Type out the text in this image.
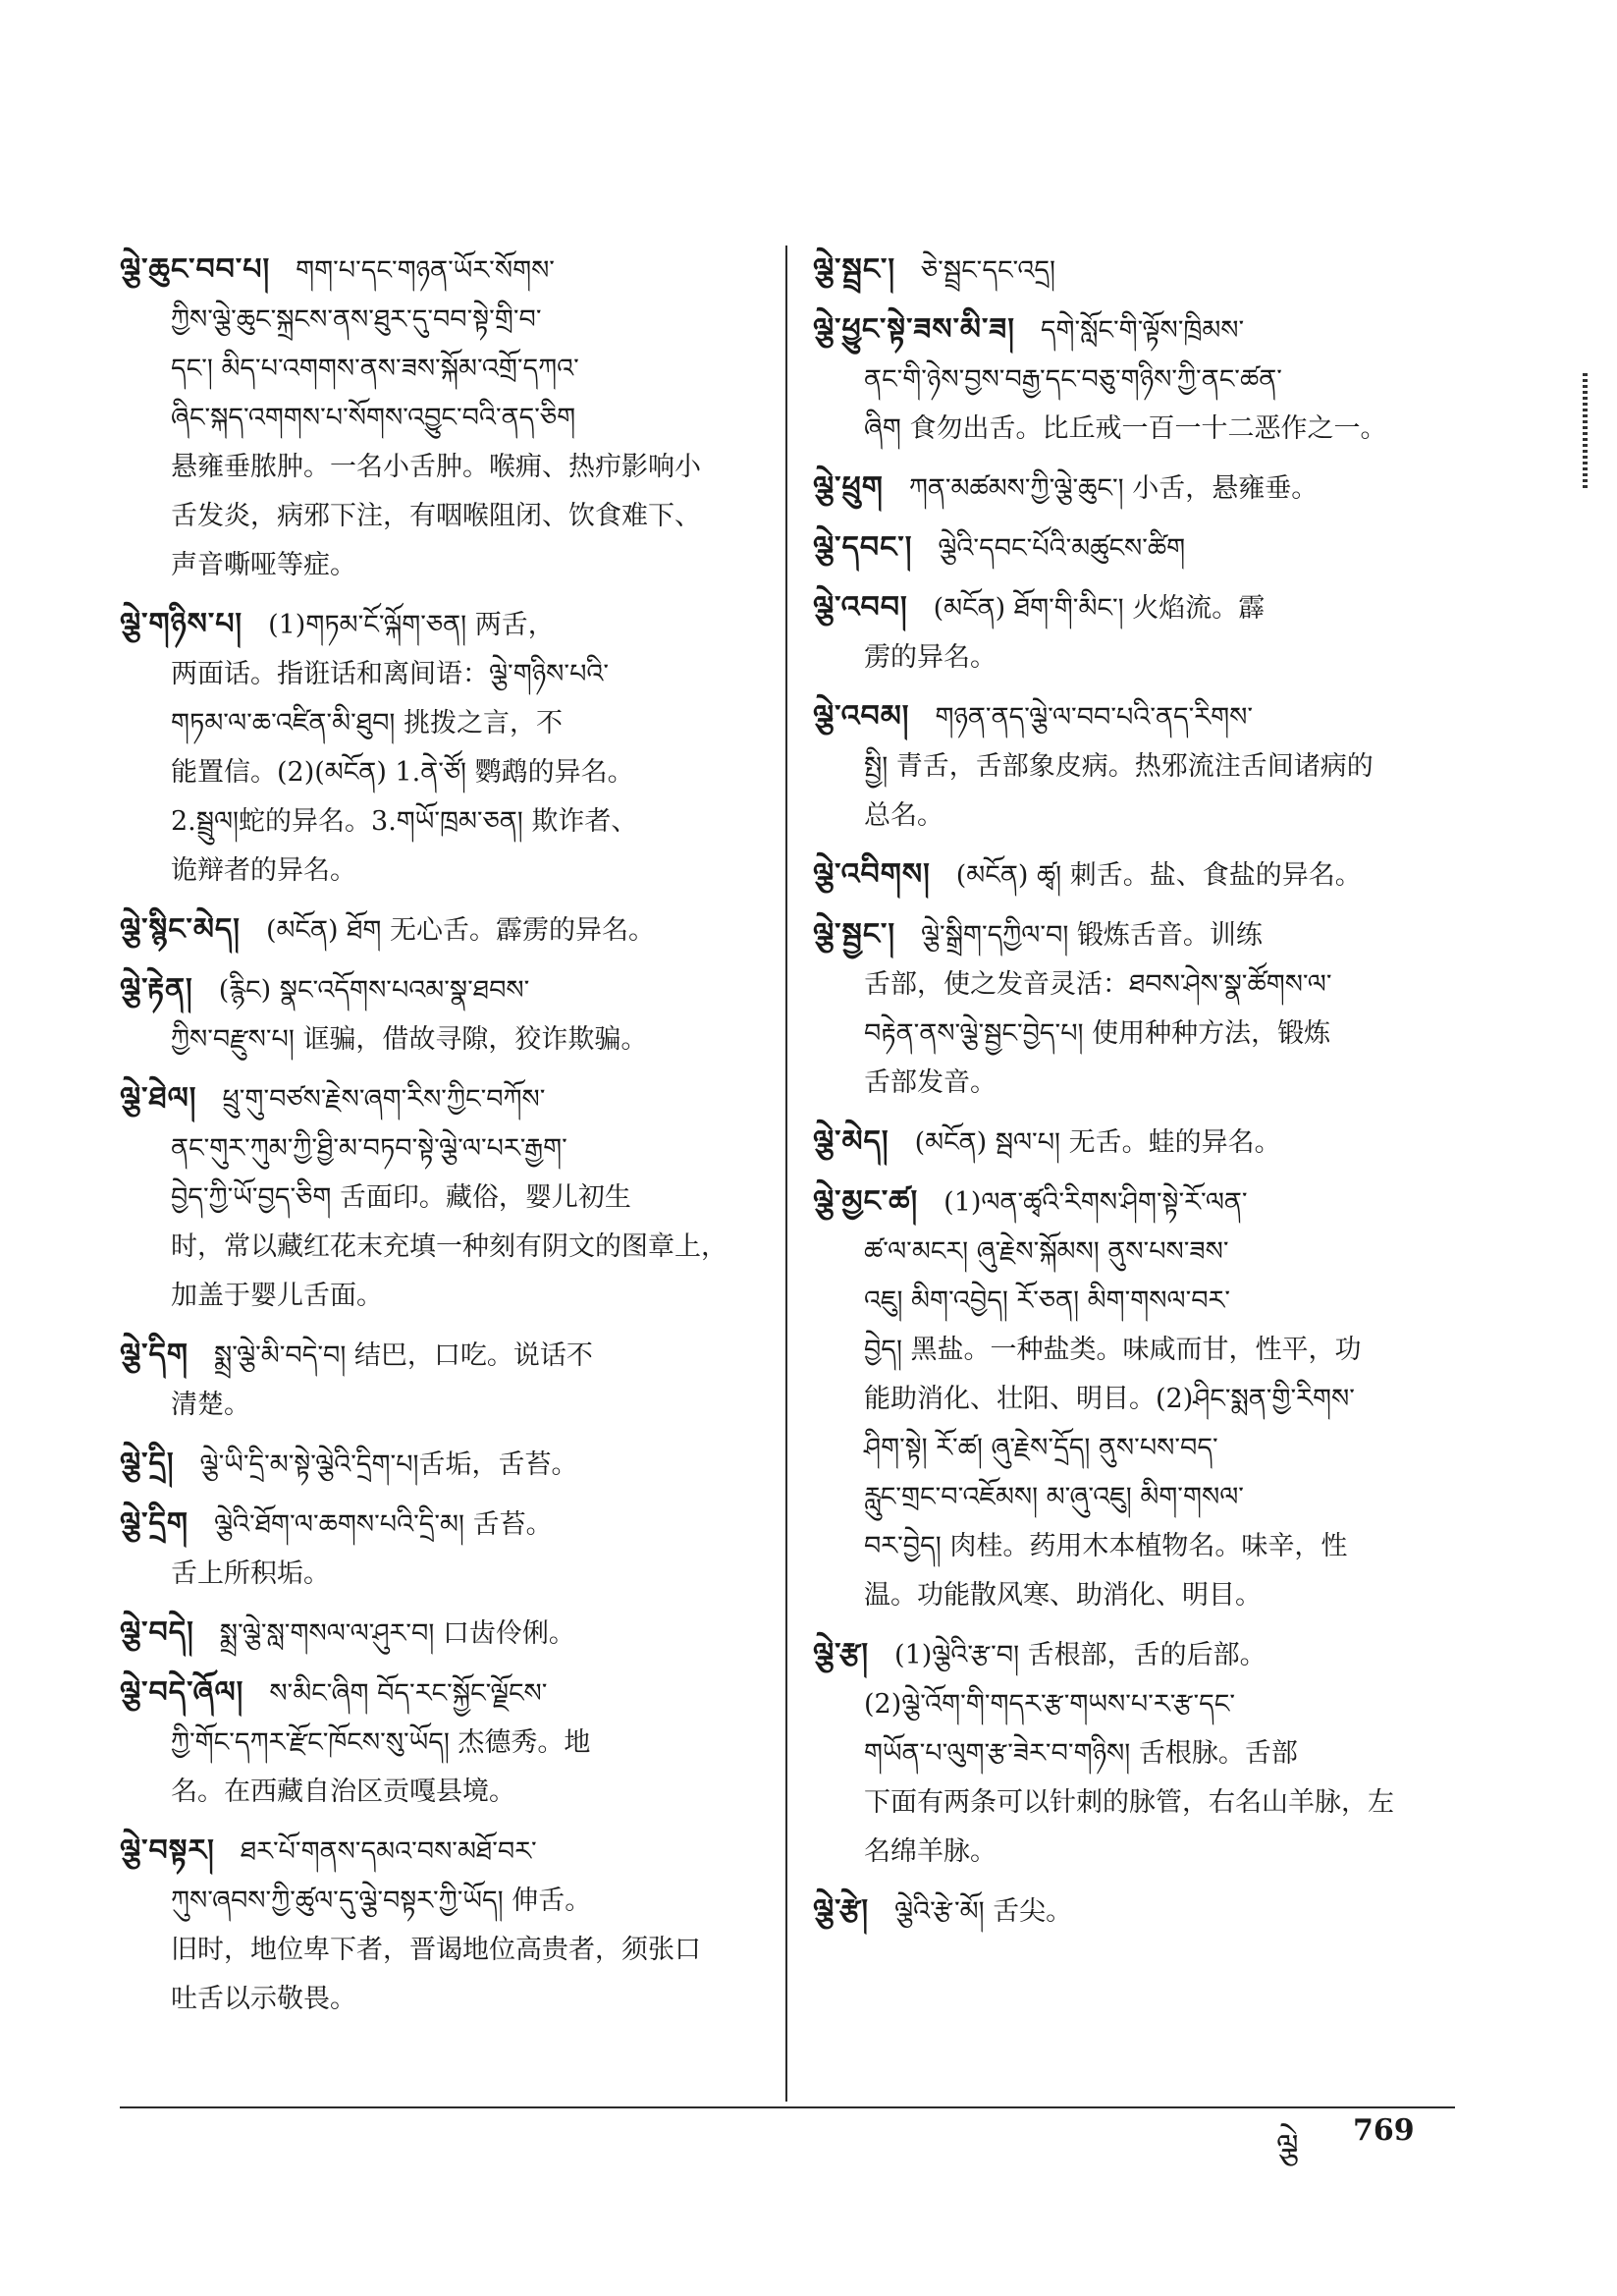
ལྕེ་ཆུང་བབ་པ། གག་པ་དང་གཉན་ཡོར་སོགས་
ཀྱིས་ལྕེ་ཆུང་སྐྲངས་ནས་ཐུར་དུ་བབ་སྟེ་གྲི་བ་
དང་། མིད་པ་འགགས་ནས་ཟས་སྐོམ་འགྲོ་དཀའ་
ཞིང་སྐད་འགགས་པ་སོགས་འབྱུང་བའི་ནད་ཅིག
悬雍垂脓肿。一名小舌肿。喉痈、热疖影响小
舌发炎，病邪下注，有咽喉阻闭、饮食难下、
声音嘶哑等症。
ལྕེ་གཉིས་པ། (1)གཏམ་ངོ་ལྐོག་ཅན། 两舌，
两面话。指诳话和离间语：ལྕེ་གཉིས་པའི་
གཏམ་ལ་ཆ་འཛིན་མི་ཐུབ། 挑拨之言，不
能置信。(2)(མངོན) 1.ནེ་ཙོ། 鹦鹉的异名。
2.སྦྲུལ།蛇的异名。3.གཡོ་ཁྲམ་ཅན། 欺诈者、
诡辩者的异名。
ལྕེ་སྙིང་མེད། (མངོན) ཐོག 无心舌。霹雳的异名。
ལྕེ་རྟེན། (རྙིང) སྣང་འདོགས་པའམ་སྣ་ཐབས་
ཀྱིས་བརྫུས་པ། 诓骗，借故寻隙，狡诈欺骗。
ལྕེ་ཐེལ། ཕྲུ་གུ་བཙས་རྗེས་ཞག་རིས་ཀྱིང་བཀོས་
ནང་གུར་ཀུམ་ཀྱི་ཐྱི་མ་བཏབ་སྟེ་ལྕེ་ལ་པར་རྒྱག་
བྱེད་ཀྱི་ཡོ་བྱད་ཅིག 舌面印。藏俗，婴儿初生
时，常以藏红花末充填一种刻有阴文的图章上，
加盖于婴儿舌面。
ལྕེ་དིག སྨྲ་ལྕེ་མི་བདེ་བ། 结巴，口吃。说话不
清楚。
ལྕེ་དྲི། ལྕེ་ཡི་དྲི་མ་སྟེ་ལྕེའི་དྲིག་པ།舌垢，舌苔。
ལྕེ་དྲིག ལྕེའི་ཐོག་ལ་ཆགས་པའི་དྲི་མ། 舌苔。
舌上所积垢。
ལྕེ་བདེ། སྨྲ་ལྕེ་སླ་གསལ་ལ་ཤུར་བ། 口齿伶俐。
ལྕེ་བདེ་ཞོལ། ས་མིང་ཞིག བོད་རང་སྐྱོང་ལྗོངས་
ཀྱི་གོང་དཀར་རྫོང་ཁོངས་སུ་ཡོད། 杰德秀。地
名。在西藏自治区贡嘎县境。
ལྕེ་བསྟར། ཐར་པོ་གནས་དམའ་བས་མཐོ་བར་
ཀུས་ཞབས་ཀྱི་ཚུལ་དུ་ལྕེ་བསྟར་ཀྱི་ཡོད། 伸舌。
旧时，地位卑下者，晋谒地位高贵者，须张口
吐舌以示敬畏。
ལྕེ་སྦྲང་། ཅེ་སྦྲང་དང་འདྲ།
ལྕེ་ཕྱུང་སྟེ་ཟས་མི་ཟ། དགེ་སློང་གི་ལྟོས་ཁྲིམས་
ནང་གི་ཉེས་བྱས་བརྒྱ་དང་བཅུ་གཉིས་ཀྱི་ནང་ཚན་
ཞིག 食勿出舌。比丘戒一百一十二恶作之一。
ལྕེ་ཕྲུག ཀན་མཚམས་ཀྱི་ལྕེ་ཆུང་། 小舌，悬雍垂。
ལྕེ་དབང་། ལྕེའི་དབང་པོའི་མཚུངས་ཚིག
ལྕེ་འབབ། (མངོན) ཐོག་གི་མིང་། 火焰流。霹
雳的异名。
ལྕེ་འབམ། གཉན་ནད་ལྕེ་ལ་བབ་པའི་ནད་རིགས་
སྤྱི། 青舌，舌部象皮病。热邪流注舌间诸病的
总名。
ལྕེ་འབིགས། (མངོན) ཚྭ། 刺舌。盐、食盐的异名。
ལྕེ་སྦྱང་། ལྕེ་སྒྲིག་དཀྱིལ་བ། 锻炼舌音。训练
舌部，使之发音灵活：ཐབས་ཤེས་སྣ་ཚོགས་ལ་
བརྟེན་ནས་ལྕེ་སྦྱང་བྱེད་པ། 使用种种方法，锻炼
舌部发音。
ལྕེ་མེད། (མངོན) སྦལ་པ། 无舌。蛙的异名。
ལྕེ་མྱང་ཚ། (1)ལན་ཚྭའི་རིགས་ཤིག་སྟེ་རོ་ལན་
ཚ་ལ་མངར། ཞུ་རྗེས་སྐོམས། ནུས་པས་ཟས་
འཇུ། མིག་འབྱེད། རོ་ཅན། མིག་གསལ་བར་
བྱེད། 黑盐。一种盐类。味咸而甘，性平，功
能助消化、壮阳、明目。(2)ཤིང་སྨན་གྱི་རིགས་
ཤིག་སྟེ། རོ་ཚ། ཞུ་རྗེས་དྲོད། ནུས་པས་བད་
རླུང་གྲང་བ་འཇོམས། མ་ཞུ་འཇུ། མིག་གསལ་
བར་བྱེད། 肉桂。药用木本植物名。味辛，性
温。功能散风寒、助消化、明目。
ལྕེ་རྩ། (1)ལྕེའི་རྩ་བ། 舌根部，舌的后部。
(2)ལྕེ་འོག་གི་གདར་རྩ་གཡས་པ་ར་རྩ་དང་
གཡོན་པ་ལུག་རྩ་ཟེར་བ་གཉིས། 舌根脉。舌部
下面有两条可以针刺的脉管，右名山羊脉，左
名绵羊脉。
ལྕེ་རྩེ། ལྕེའི་རྩེ་མོ། 舌尖。
ལྕེ 769
